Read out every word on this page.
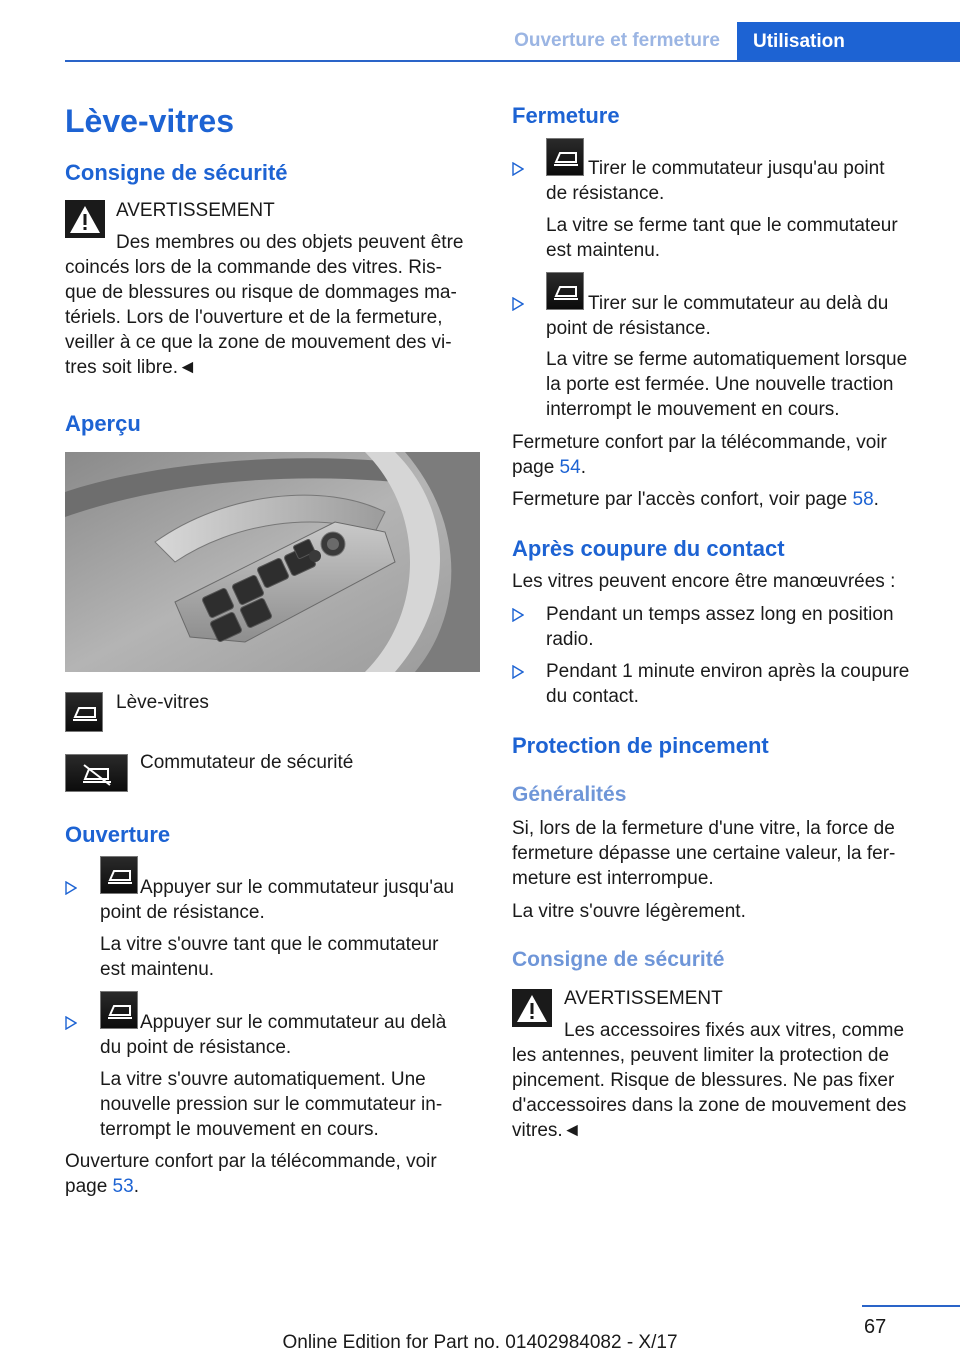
Ouverture et fermeture	Utilisation
Lève-vitres
Consigne de sécurité
AVERTISSEMENT
Des membres ou des objets peuvent être
coincés lors de la commande des vitres. Ris-
que de blessures ou risque de dommages ma-
tériels. Lors de l'ouverture et de la fermeture,
veiller à ce que la zone de mouvement des vi-
tres soit libre.◄
Aperçu
Lève-vitres
Commutateur de sécurité
Ouverture
Appuyer sur le commutateur jusqu'au
point de résistance.
La vitre s'ouvre tant que le commutateur
est maintenu.
Appuyer sur le commutateur au delà
du point de résistance.
La vitre s'ouvre automatiquement. Une
nouvelle pression sur le commutateur in-
terrompt le mouvement en cours.
Ouverture confort par la télécommande, voir
page 53.
Fermeture
Tirer le commutateur jusqu'au point
de résistance.
La vitre se ferme tant que le commutateur
est maintenu.
Tirer sur le commutateur au delà du
point de résistance.
La vitre se ferme automatiquement lorsque
la porte est fermée. Une nouvelle traction
interrompt le mouvement en cours.
Fermeture confort par la télécommande, voir
page 54.
Fermeture par l'accès confort, voir page 58.
Après coupure du contact
Les vitres peuvent encore être manœuvrées :
Pendant un temps assez long en position
radio.
Pendant 1 minute environ après la coupure
du contact.
Protection de pincement
Généralités
Si, lors de la fermeture d'une vitre, la force de
fermeture dépasse une certaine valeur, la fer-
meture est interrompue.
La vitre s'ouvre légèrement.
Consigne de sécurité
AVERTISSEMENT
Les accessoires fixés aux vitres, comme
les antennes, peuvent limiter la protection de
pincement. Risque de blessures. Ne pas fixer
d'accessoires dans la zone de mouvement des
vitres.◄
67
Online Edition for Part no. 01402984082 - X/17
